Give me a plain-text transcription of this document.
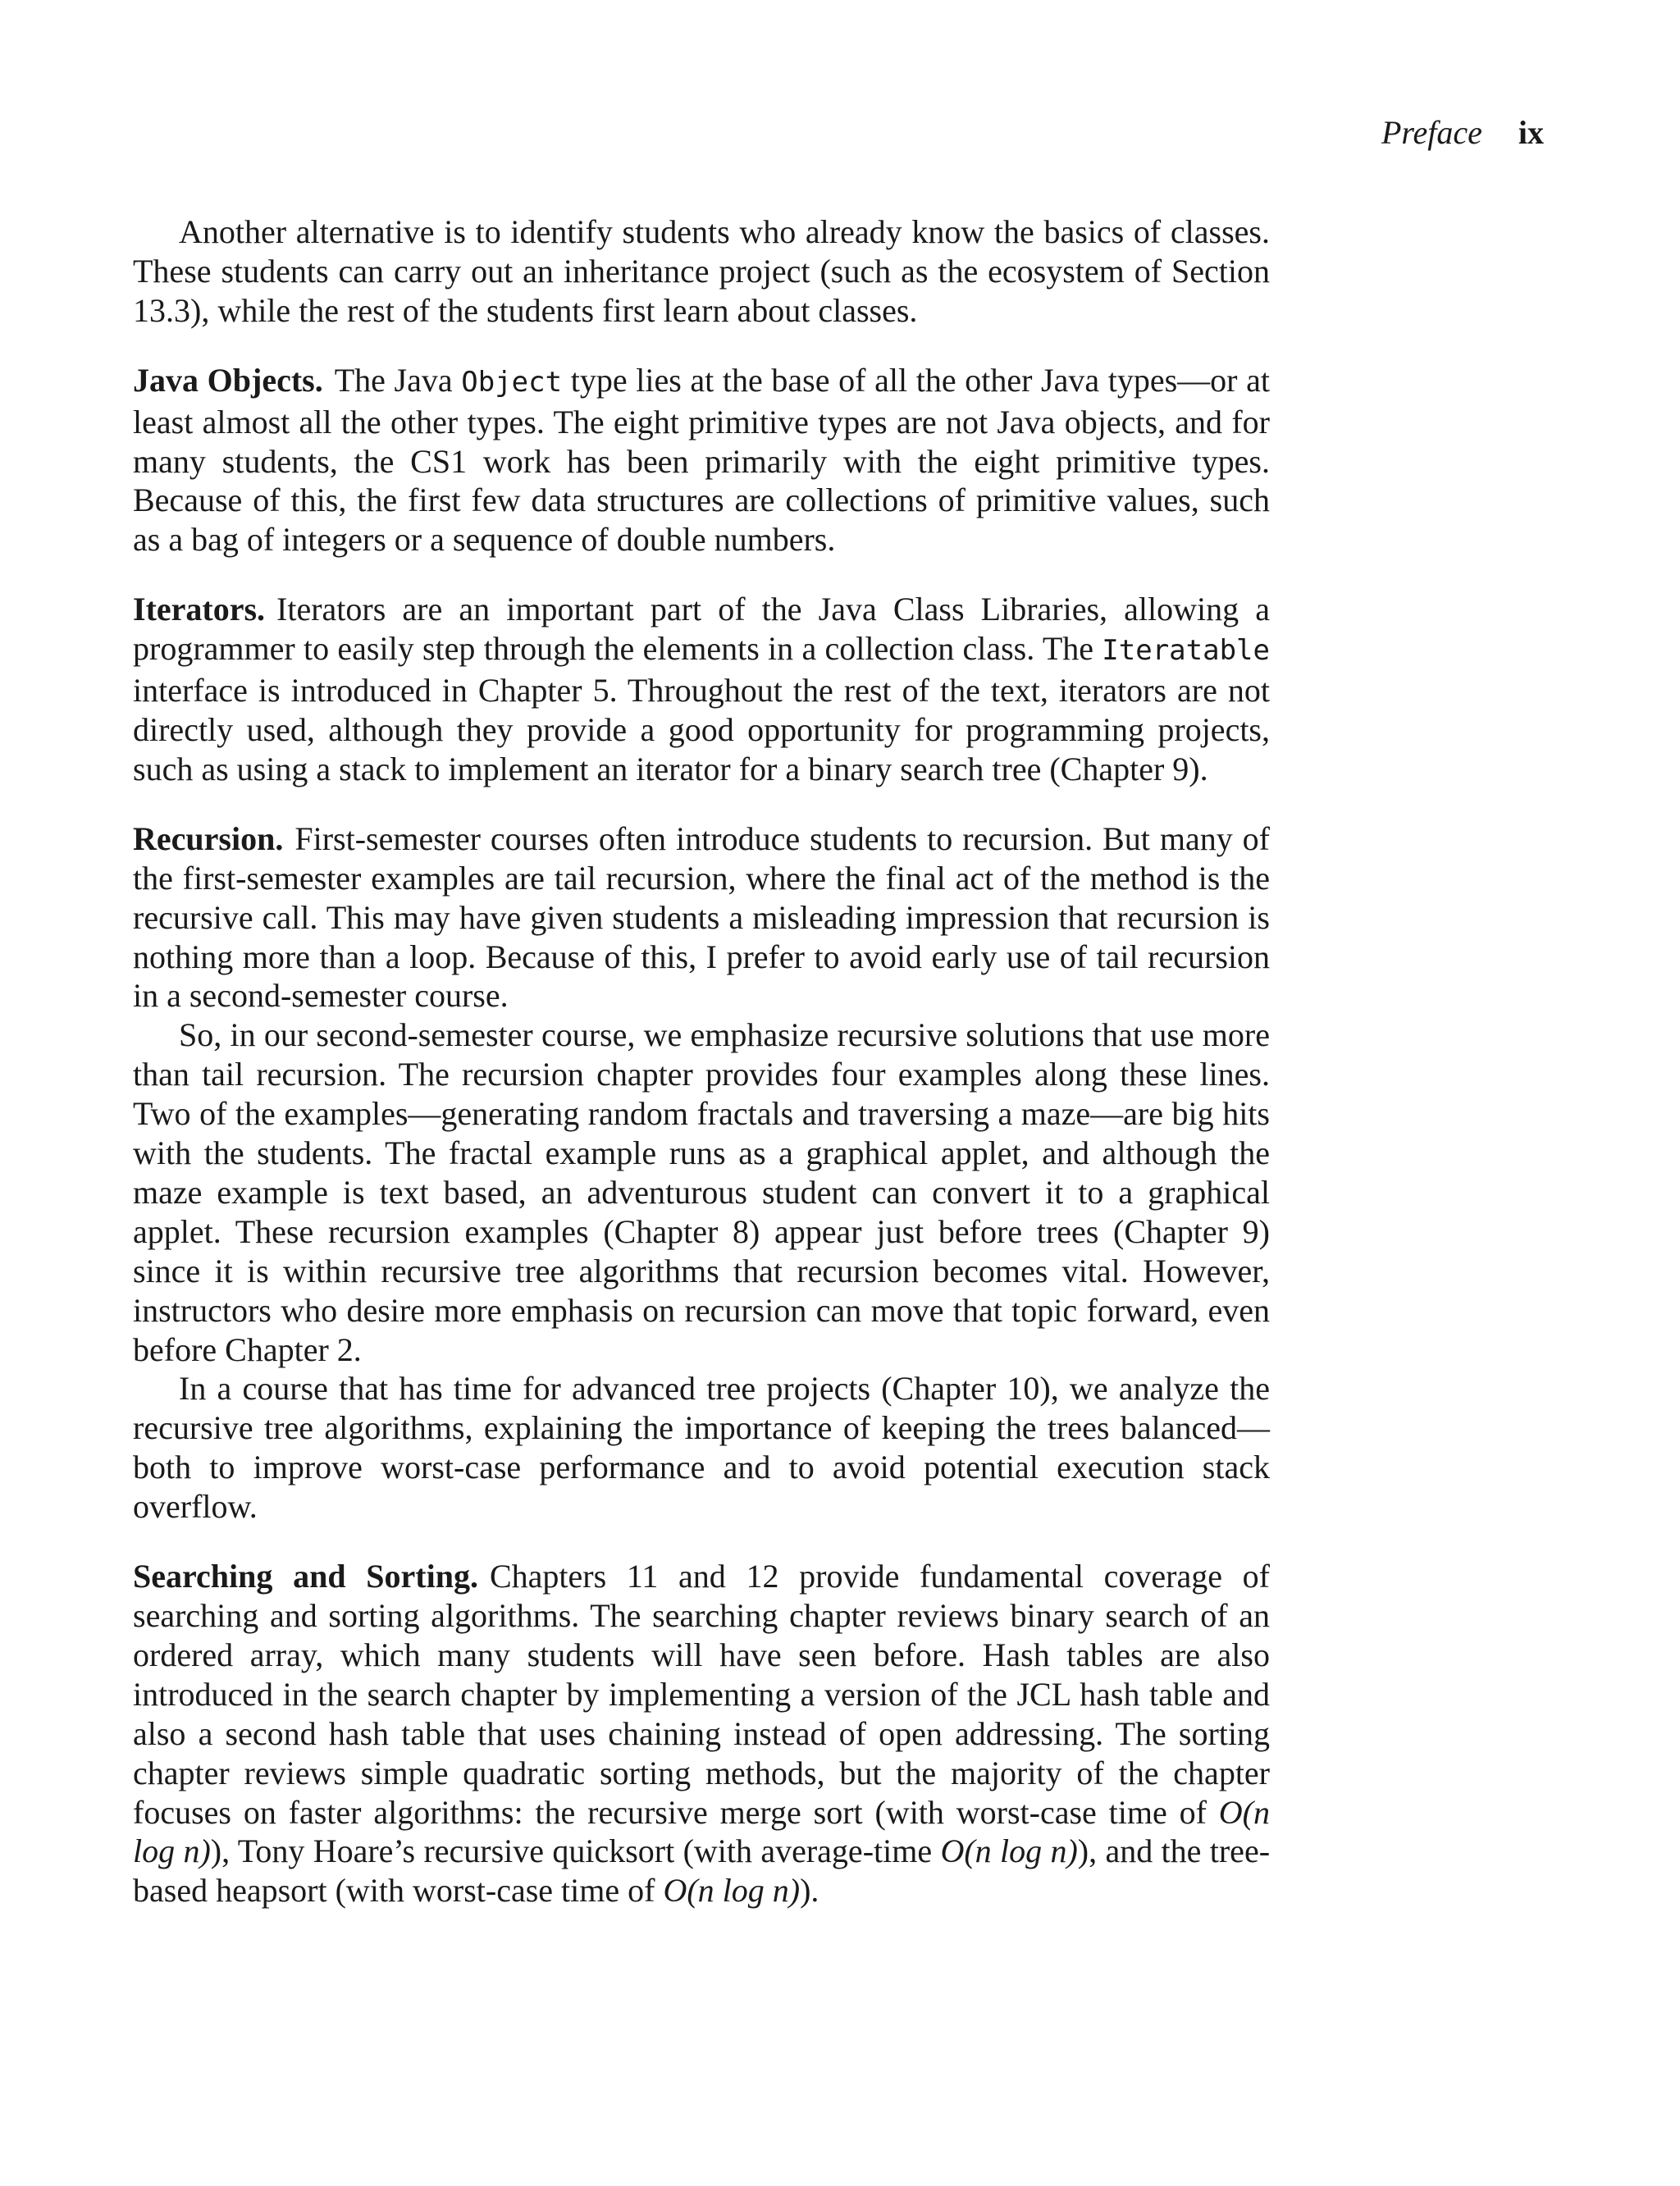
Preface ix

Another alternative is to identify students who already know the basics of classes. These students can carry out an inheritance project (such as the ecosystem of Section 13.3), while the rest of the students first learn about classes.

Java Objects. The Java Object type lies at the base of all the other Java types—or at least almost all the other types. The eight primitive types are not Java objects, and for many students, the CS1 work has been primarily with the eight primitive types. Because of this, the first few data structures are collections of primitive values, such as a bag of integers or a sequence of double numbers.

Iterators. Iterators are an important part of the Java Class Libraries, allowing a programmer to easily step through the elements in a collection class. The Iteratable interface is introduced in Chapter 5. Throughout the rest of the text, iterators are not directly used, although they provide a good opportunity for programming projects, such as using a stack to implement an iterator for a binary search tree (Chapter 9).

Recursion. First-semester courses often introduce students to recursion. But many of the first-semester examples are tail recursion, where the final act of the method is the recursive call. This may have given students a misleading impression that recursion is nothing more than a loop. Because of this, I prefer to avoid early use of tail recursion in a second-semester course.

So, in our second-semester course, we emphasize recursive solutions that use more than tail recursion. The recursion chapter provides four examples along these lines. Two of the examples—generating random fractals and traversing a maze—are big hits with the students. The fractal example runs as a graphical applet, and although the maze example is text based, an adventurous student can convert it to a graphical applet. These recursion examples (Chapter 8) appear just before trees (Chapter 9) since it is within recursive tree algorithms that recursion becomes vital. However, instructors who desire more emphasis on recursion can move that topic forward, even before Chapter 2.

In a course that has time for advanced tree projects (Chapter 10), we analyze the recursive tree algorithms, explaining the importance of keeping the trees balanced—both to improve worst-case performance and to avoid potential execution stack overflow.

Searching and Sorting. Chapters 11 and 12 provide fundamental coverage of searching and sorting algorithms. The searching chapter reviews binary search of an ordered array, which many students will have seen before. Hash tables are also introduced in the search chapter by implementing a version of the JCL hash table and also a second hash table that uses chaining instead of open addressing. The sorting chapter reviews simple quadratic sorting methods, but the majority of the chapter focuses on faster algorithms: the recursive merge sort (with worst-case time of O(n log n)), Tony Hoare’s recursive quicksort (with average-time O(n log n)), and the tree-based heapsort (with worst-case time of O(n log n)).
